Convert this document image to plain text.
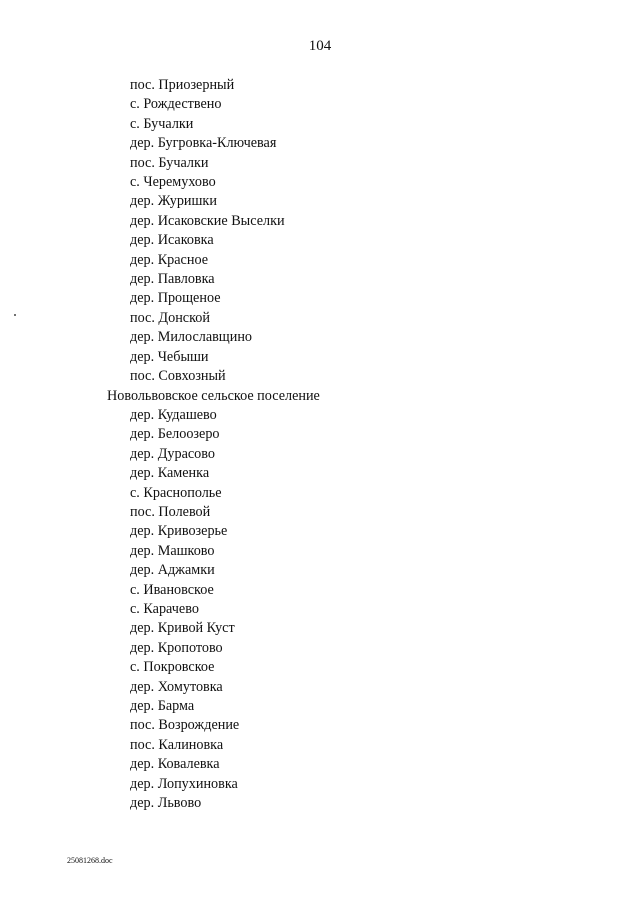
104
пос. Приозерный
с. Рождествено
с. Бучалки
дер. Бугровка-Ключевая
пос. Бучалки
с. Черемухово
дер. Журишки
дер. Исаковские Выселки
дер. Исаковка
дер. Красное
дер. Павловка
дер. Прощеное
пос. Донской
дер. Милославщино
дер. Чебыши
пос. Совхозный
Новольвовское сельское поселение
дер. Кудашево
дер. Белоозеро
дер. Дурасово
дер. Каменка
с. Краснополье
пос. Полевой
дер. Кривозерье
дер. Машково
дер. Аджамки
с. Ивановское
с. Карачево
дер. Кривой Куст
дер. Кропотово
с. Покровское
дер. Хомутовка
дер. Барма
пос. Возрождение
пос. Калиновка
дер. Ковалевка
дер. Лопухиновка
дер. Львово
25081268.doc
